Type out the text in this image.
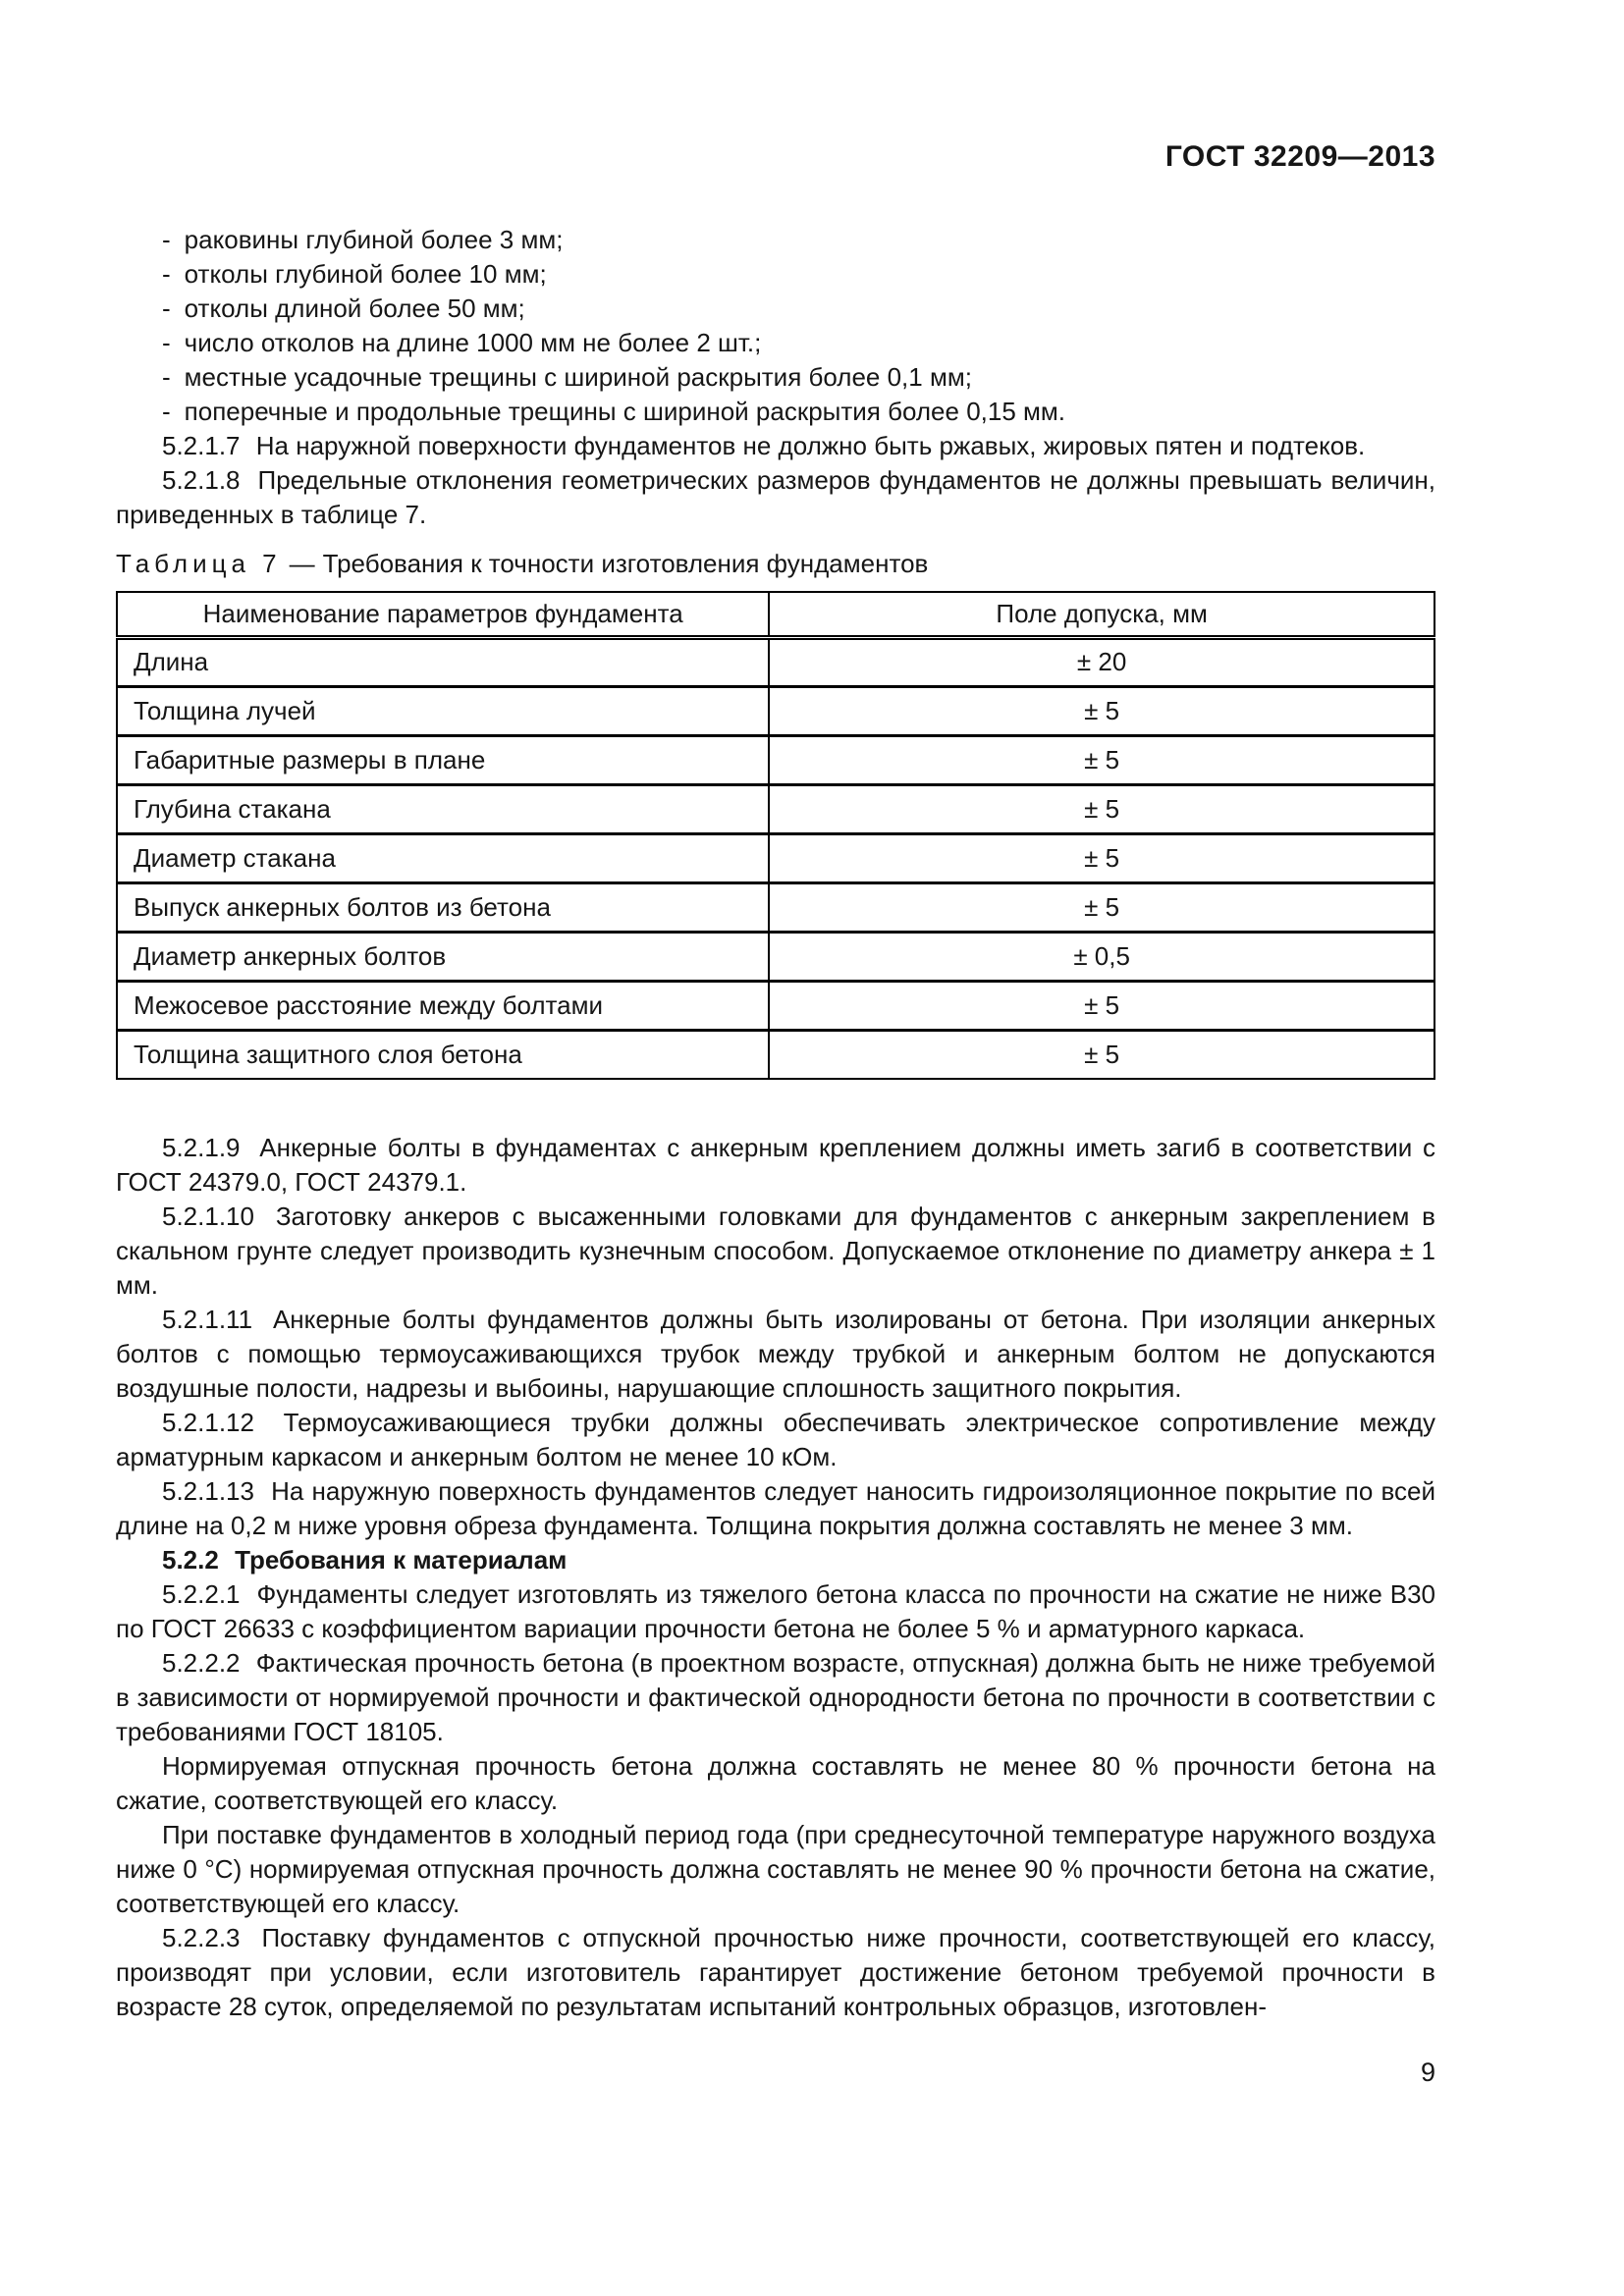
ГОСТ 32209—2013
- раковины глубиной более 3 мм;
- отколы глубиной более 10 мм;
- отколы длиной более 50 мм;
- число отколов на длине 1000 мм не более 2 шт.;
- местные усадочные трещины с шириной раскрытия более 0,1 мм;
- поперечные и продольные трещины с шириной раскрытия более 0,15 мм.

5.2.1.7 На наружной поверхности фундаментов не должно быть ржавых, жировых пятен и подтеков.

5.2.1.8 Предельные отклонения геометрических размеров фундаментов не должны превышать величин, приведенных в таблице 7.

Таблица 7 — Требования к точности изготовления фундаментов
Наименование параметров фундамента	Поле допуска, мм
Длина	± 20
Толщина лучей	± 5
Габаритные размеры в плане	± 5
Глубина стакана	± 5
Диаметр стакана	± 5
Выпуск анкерных болтов из бетона	± 5
Диаметр анкерных болтов	± 0,5
Межосевое расстояние между болтами	± 5
Толщина защитного слоя бетона	± 5

5.2.1.9 Анкерные болты в фундаментах с анкерным креплением должны иметь загиб в соответствии с ГОСТ 24379.0, ГОСТ 24379.1.

5.2.1.10 Заготовку анкеров с высаженными головками для фундаментов с анкерным закреплением в скальном грунте следует производить кузнечным способом. Допускаемое отклонение по диаметру анкера ± 1 мм.

5.2.1.11 Анкерные болты фундаментов должны быть изолированы от бетона. При изоляции анкерных болтов с помощью термоусаживающихся трубок между трубкой и анкерным болтом не допускаются воздушные полости, надрезы и выбоины, нарушающие сплошность защитного покрытия.

5.2.1.12 Термоусаживающиеся трубки должны обеспечивать электрическое сопротивление между арматурным каркасом и анкерным болтом не менее 10 кОм.

5.2.1.13 На наружную поверхность фундаментов следует наносить гидроизоляционное покрытие по всей длине на 0,2 м ниже уровня обреза фундамента. Толщина покрытия должна составлять не менее 3 мм.

5.2.2 Требования к материалам

5.2.2.1 Фундаменты следует изготовлять из тяжелого бетона класса по прочности на сжатие не ниже В30 по ГОСТ 26633 с коэффициентом вариации прочности бетона не более 5 % и арматурного каркаса.

5.2.2.2 Фактическая прочность бетона (в проектном возрасте, отпускная) должна быть не ниже требуемой в зависимости от нормируемой прочности и фактической однородности бетона по прочности в соответствии с требованиями ГОСТ 18105.

Нормируемая отпускная прочность бетона должна составлять не менее 80 % прочности бетона на сжатие, соответствующей его классу.

При поставке фундаментов в холодный период года (при среднесуточной температуре наружного воздуха ниже 0 °С) нормируемая отпускная прочность должна составлять не менее 90 % прочности бетона на сжатие, соответствующей его классу.

5.2.2.3 Поставку фундаментов с отпускной прочностью ниже прочности, соответствующей его классу, производят при условии, если изготовитель гарантирует достижение бетоном требуемой прочности в возрасте 28 суток, определяемой по результатам испытаний контрольных образцов, изготовлен-

9
